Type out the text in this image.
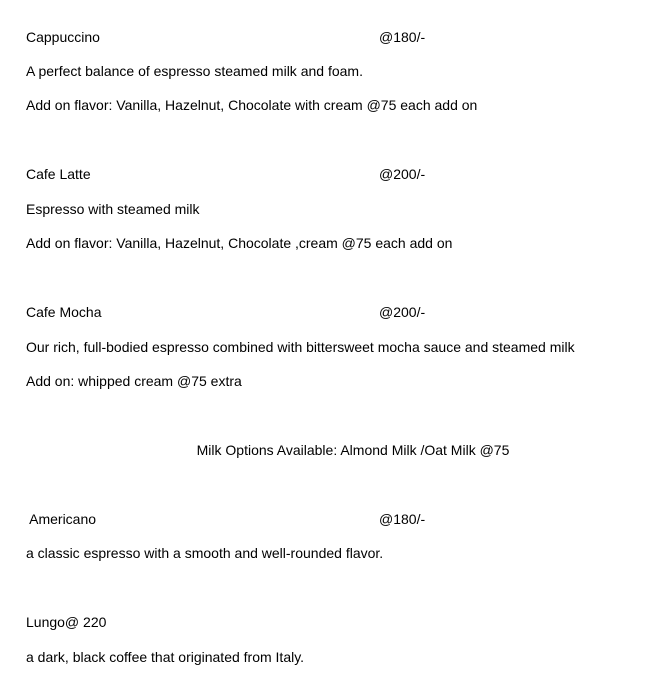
Cappuccino	@180/-
A perfect balance of espresso steamed milk and foam.
Add on flavor: Vanilla, Hazelnut, Chocolate with cream @75 each add on
Cafe Latte	@200/-
Espresso with steamed milk
Add on flavor: Vanilla, Hazelnut, Chocolate ,cream @75 each add on
Cafe Mocha	@200/-
Our rich, full-bodied espresso combined with bittersweet mocha sauce and steamed milk
Add on: whipped cream @75 extra
Milk Options Available: Almond Milk /Oat Milk @75
Americano	@180/-
a classic espresso with a smooth and well-rounded flavor.
Lungo@ 220
a dark, black coffee that originated from Italy.
